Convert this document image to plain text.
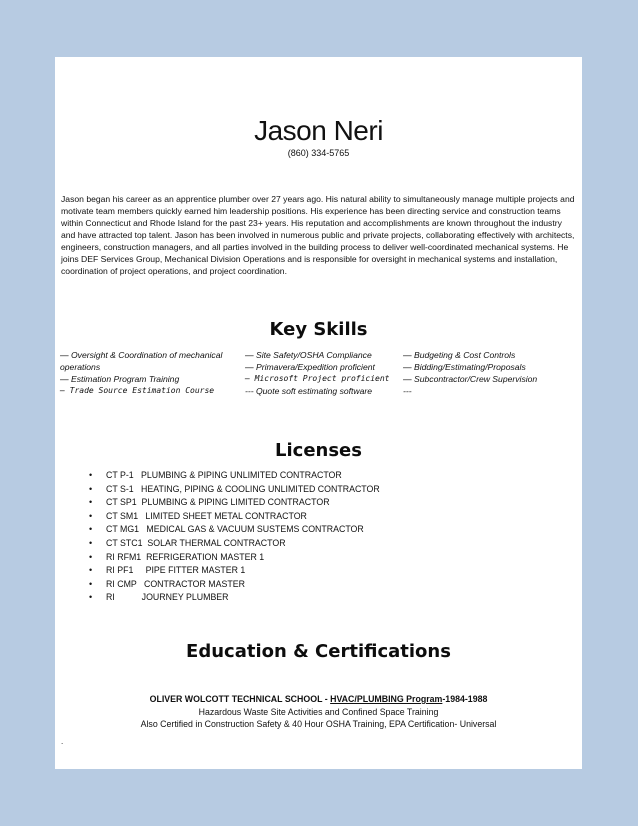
Jason Neri
(860) 334-5765
Jason began his career as an apprentice plumber over 27 years ago. His natural ability to simultaneously manage multiple projects and motivate team members quickly earned him leadership positions. His experience has been directing service and construction teams within Connecticut and Rhode Island for the past 23+ years. His reputation and accomplishments are known throughout the industry and have attracted top talent. Jason has been involved in numerous public and private projects, collaborating effectively with architects, engineers, construction managers, and all parties involved in the building process to deliver well-coordinated mechanical systems. He joins DEF Services Group, Mechanical Division Operations and is responsible for oversight in mechanical systems and installation, coordination of project operations, and project coordination.
Key Skills
— Oversight & Coordination of mechanical operations
— Estimation Program Training
— Trade Source Estimation Course
— Site Safety/OSHA Compliance
— Primavera/Expedition proficient
— Microsoft Project proficient
--- Quote soft estimating software
— Budgeting & Cost Controls
— Bidding/Estimating/Proposals
— Subcontractor/Crew Supervision
---
Licenses
• CT P-1   PLUMBING & PIPING UNLIMITED CONTRACTOR
• CT S-1   HEATING, PIPING & COOLING UNLIMITED CONTRACTOR
• CT SP1  PLUMBING & PIPING LIMITED CONTRACTOR
• CT SM1   LIMITED SHEET METAL CONTRACTOR
• CT MG1   MEDICAL GAS & VACUUM SUSTEMS CONTRACTOR
• CT STC1  SOLAR THERMAL CONTRACTOR
• RI RFM1  REFRIGERATION MASTER 1
• RI PF1     PIPE FITTER MASTER 1
• RI CMP   CONTRACTOR MASTER
• RI           JOURNEY PLUMBER
Education & Certifications
OLIVER WOLCOTT TECHNICAL SCHOOL - HVAC/PLUMBING Program-1984-1988
Hazardous Waste Site Activities and Confined Space Training
Also Certified in Construction Safety & 40 Hour OSHA Training, EPA Certification- Universal
.
